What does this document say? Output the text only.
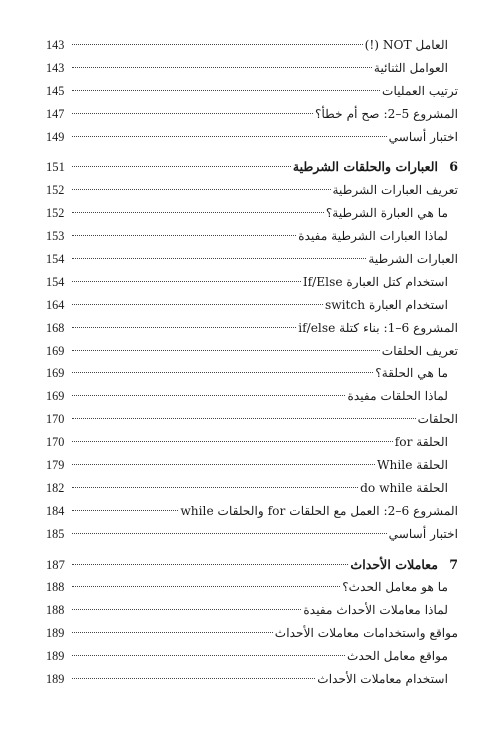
العامل NOT (!)
143
العوامل الثنائية
143
ترتيب العمليات
145
المشروع 5–2: صح أم خطأ؟
147
اختبار أساسي
149
6
العبارات والحلقات الشرطية
151
تعريف العبارات الشرطية
152
ما هي العبارة الشرطية؟
152
لماذا العبارات الشرطية مفيدة
153
العبارات الشرطية
154
استخدام كتل العبارة If/Else
154
استخدام العبارة switch
164
المشروع 6–1: بناء كتلة if/else
168
تعريف الحلقات
169
ما هي الحلقة؟
169
لماذا الحلقات مفيدة
169
الحلقات
170
الحلقة for
170
الحلقة While
179
الحلقة do while
182
المشروع 6–2: العمل مع الحلقات for والحلقات while
184
اختبار أساسي
185
7
معاملات الأحداث
187
ما هو معامل الحدث؟
188
لماذا معاملات الأحداث مفيدة
188
مواقع واستخدامات معاملات الأحداث
189
مواقع معامل الحدث
189
استخدام معاملات الأحداث
189
